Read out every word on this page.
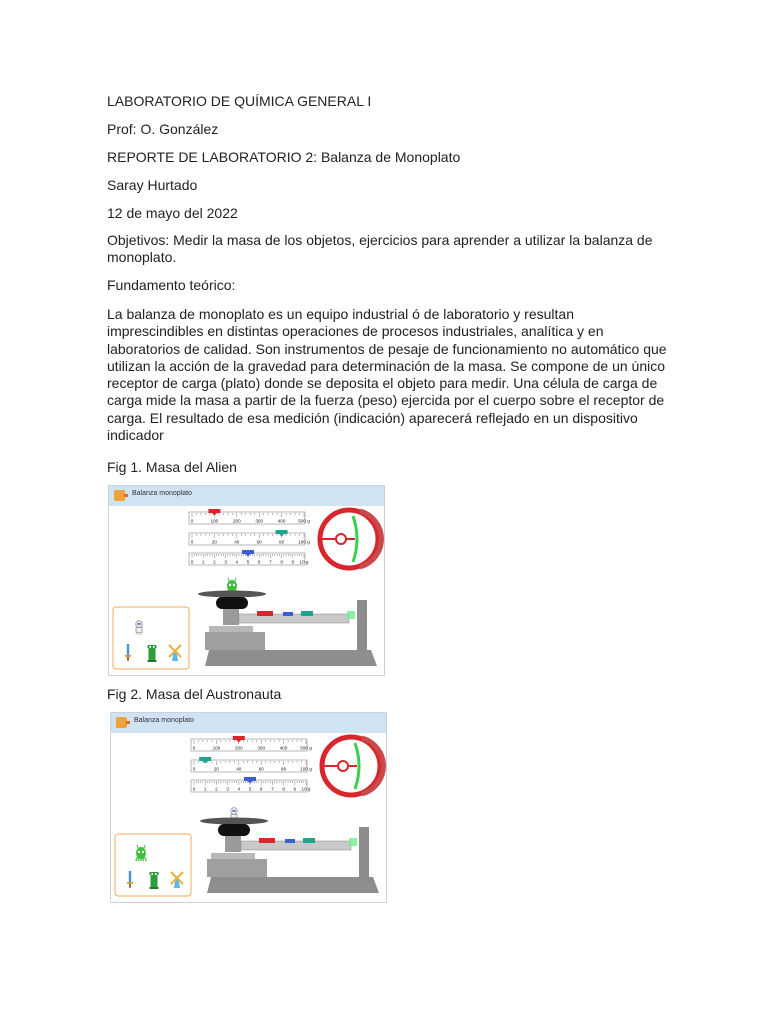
LABORATORIO DE QUÍMICA GENERAL I
Prof: O. González
REPORTE DE LABORATORIO 2: Balanza de Monoplato
Saray Hurtado
12 de mayo del 2022
Objetivos: Medir la masa de los objetos, ejercicios para aprender a utilizar la balanza de monoplato.
Fundamento teórico:
La balanza de monoplato es un equipo industrial ó de laboratorio y resultan imprescindibles en distintas operaciones de procesos industriales, analítica y en laboratorios de calidad. Son instrumentos de pesaje de funcionamiento no automático que utilizan la acción de la gravedad para determinación de la masa. Se compone de un único receptor de carga (plato) donde se deposita el objeto para medir. Una célula de carga de carga mide la masa a partir de la fuerza (peso) ejercida por el cuerpo sobre el receptor de carga. El resultado de esa medición (indicación) aparecerá reflejado en un dispositivo indicador
Fig 1. Masa del Alien
Balanza monoplato
0	100	200	300	400	500 g
0	20	40	60	80	100 g
0 1 2 3 4 5 6 7 8 9 10 g
Fig 2. Masa del Austronauta
Balanza monoplato
0	100	200	300	400	500 g
0	20	40	60	80	100 g
0 1 2 3 4 5 6 7 8 9 10 g
